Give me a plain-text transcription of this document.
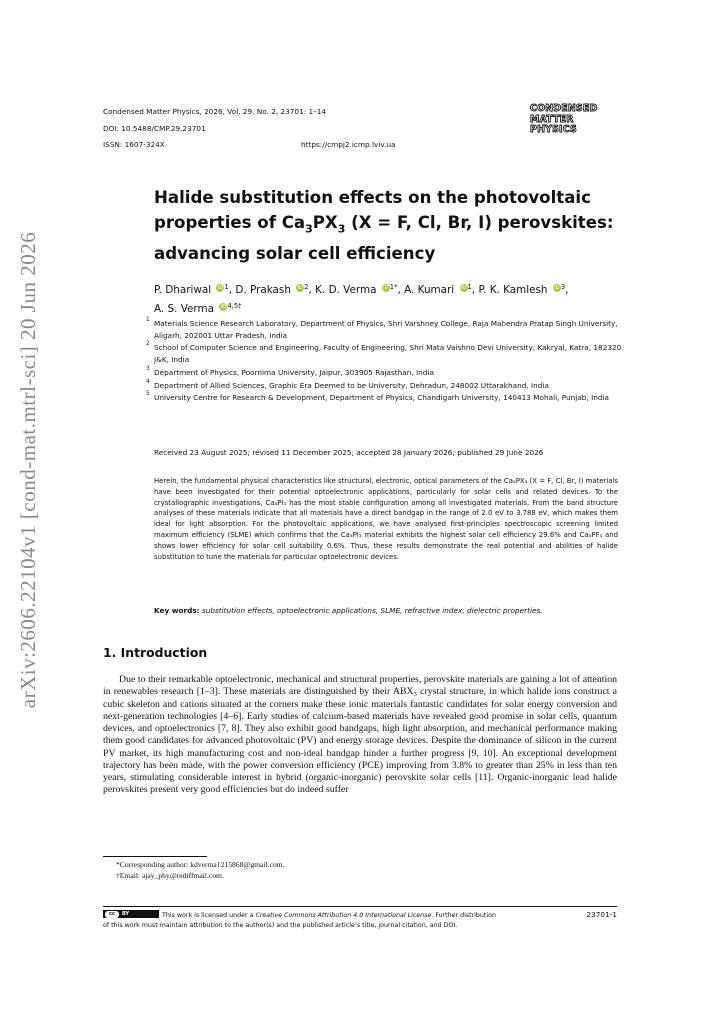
arXiv:2606.22104v1 [cond-mat.mtrl-sci] 20 Jun 2026
Condensed Matter Physics, 2026, Vol. 29, No. 2, 23701: 1–14
DOI: 10.5488/CMP.29.23701
ISSN: 1607-324X	https://cmpj2.icmp.lviv.ua
CONDENSED
MATTER
PHYSICS
Halide substitution effects on the photovoltaic
properties of $Ca_3PX_3$ (X = F, Cl, Br, I) perovskites:
advancing solar cell efficiency
P. Dhariwal $iD^1$, D. Prakash $iD^2$, K. D. Verma $iD^{1*}$, A. Kumari $iD^1$, P. K. Kamlesh $iD^3$,
A. S. Verma $iD^{4,5\dagger}$
1 Materials Science Research Laboratory, Department of Physics, Shri Varshney College, Raja Mahendra Pratap Singh University, Aligarh, 202001 Uttar Pradesh, India
2 School of Computer Science and Engineering, Faculty of Engineering, Shri Mata Vaishno Devi University, Kakryal, Katra, 182320 J&K, India
3 Department of Physics, Poornima University, Jaipur, 303905 Rajasthan, India
4 Department of Allied Sciences, Graphic Era Deemed to be University, Dehradun, 248002 Uttarakhand, India
5 University Centre for Research & Development, Department of Physics, Chandigarh University, 140413 Mohali, Punjab, India
Received 23 August 2025; revised 11 December 2025; accepted 28 January 2026; published 29 June 2026
Herein, the fundamental physical characteristics like structural, electronic, optical parameters of the Ca₃PX₃ (X = F, Cl, Br, I) materials have been investigated for their potential optoelectronic applications, particularly for solar cells and related devices. To the crystallographic investigations, Ca₃PI₃ has the most stable configuration among all investigated materials. From the band structure analyses of these materials indicate that all materials have a direct bandgap in the range of 2.0 eV to 3.788 eV, which makes them ideal for light absorption. For the photovoltaic applications, we have analysed first-principles spectroscopic screening limited maximum efficiency (SLME) which confirms that the Ca₃PI₃ material exhibits the highest solar cell efficiency 29.6% and Ca₃PF₃ and shows lower efficiency for solar cell suitability 0.6%. Thus, these results demonstrate the real potential and abilities of halide substitution to tune the materials for particular optoelectronic devices.
Key words: substitution effects, optoelectronic applications, SLME, refractive index, dielectric properties.
1. Introduction
Due to their remarkable optoelectronic, mechanical and structural properties, perovskite materials are gaining a lot of attention in renewables research [1–3]. These materials are distinguished by their ABX₃ crystal structure, in which halide ions construct a cubic skeleton and cations situated at the corners make these ionic materials fantastic candidates for solar energy conversion and next-generation technologies [4–6]. Early studies of calcium-based materials have revealed good promise in solar cells, quantum devices, and optoelectronics [7, 8]. They also exhibit good bandgaps, high light absorption, and mechanical performance making them good candidates for advanced photovoltaic (PV) and energy storage devices. Despite the dominance of silicon in the current PV market, its high manufacturing cost and non-ideal bandgap hinder a further progress [9, 10]. An exceptional development trajectory has been made, with the power conversion efficiency (PCE) improving from 3.8% to greater than 25% in less than ten years, stimulating considerable interest in hybrid (organic-inorganic) perovskite solar cells [11]. Organic-inorganic lead halide perovskites present very good efficiencies but do indeed suffer
*Corresponding author: kdverma1215868@gmail.com.
†Email: ajay_phy@rediffmail.com.
cc	BY	This work is licensed under a Creative Commons Attribution 4.0 International License. Further distribution
of this work must maintain attribution to the author(s) and the published article’s title, journal citation, and DOI.
23701-1
